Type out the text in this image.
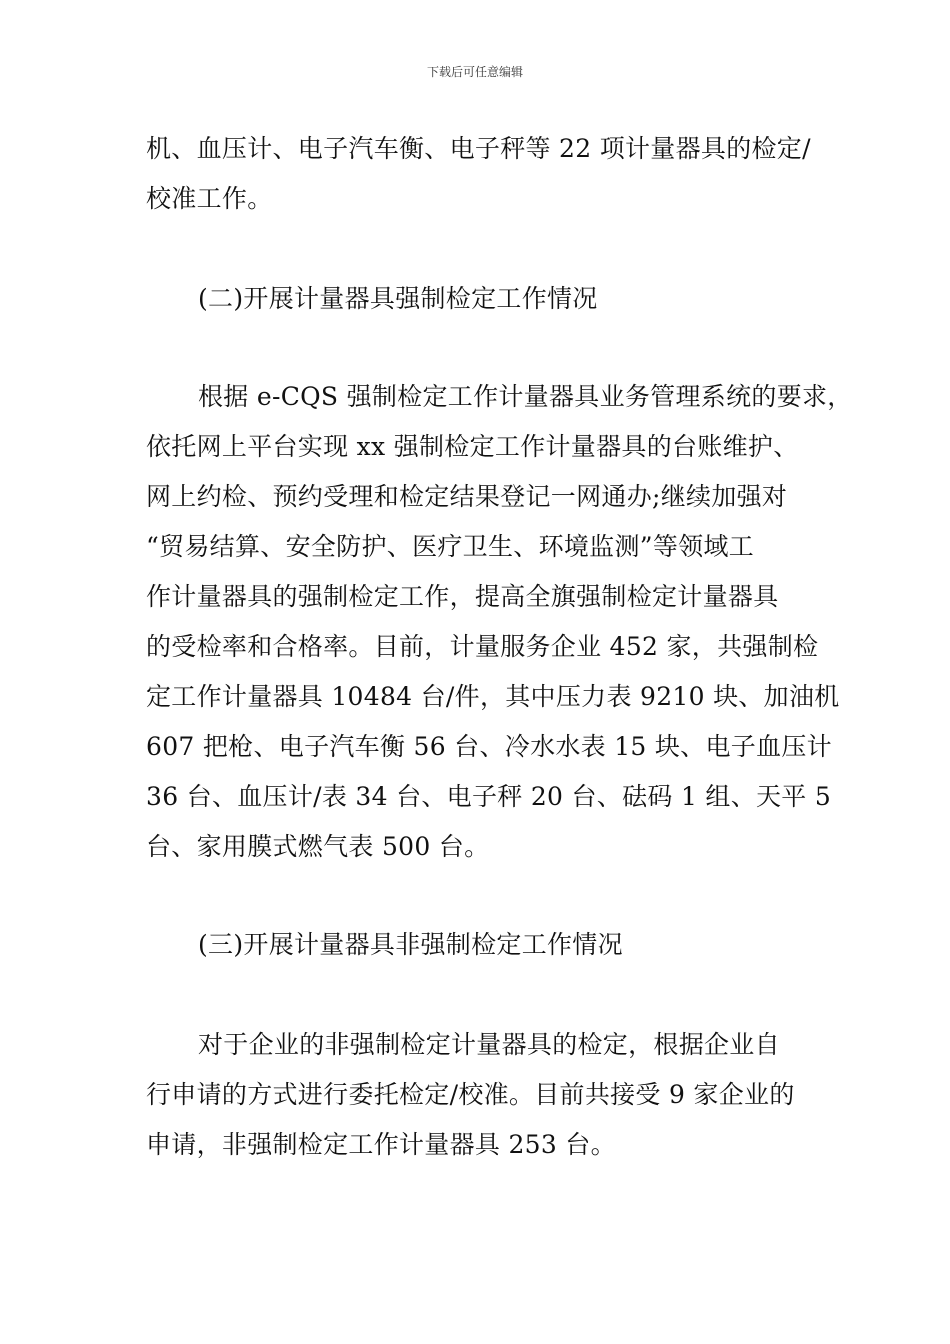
下载后可任意编辑
机、血压计、电子汽车衡、电子秤等 22 项计量器具的检定/
校准工作。
(二)开展计量器具强制检定工作情况
根据 e-CQS 强制检定工作计量器具业务管理系统的要求，
依托网上平台实现 xx 强制检定工作计量器具的台账维护、
网上约检、预约受理和检定结果登记一网通办;继续加强对
“贸易结算、安全防护、医疗卫生、环境监测”等领域工
作计量器具的强制检定工作，提高全旗强制检定计量器具
的受检率和合格率。目前，计量服务企业 452 家，共强制检
定工作计量器具 10484 台/件，其中压力表 9210 块、加油机
607 把枪、电子汽车衡 56 台、冷水水表 15 块、电子血压计
36 台、血压计/表 34 台、电子秤 20 台、砝码 1 组、天平 5
台、家用膜式燃气表 500 台。
(三)开展计量器具非强制检定工作情况
对于企业的非强制检定计量器具的检定，根据企业自
行申请的方式进行委托检定/校准。目前共接受 9 家企业的
申请，非强制检定工作计量器具 253 台。
